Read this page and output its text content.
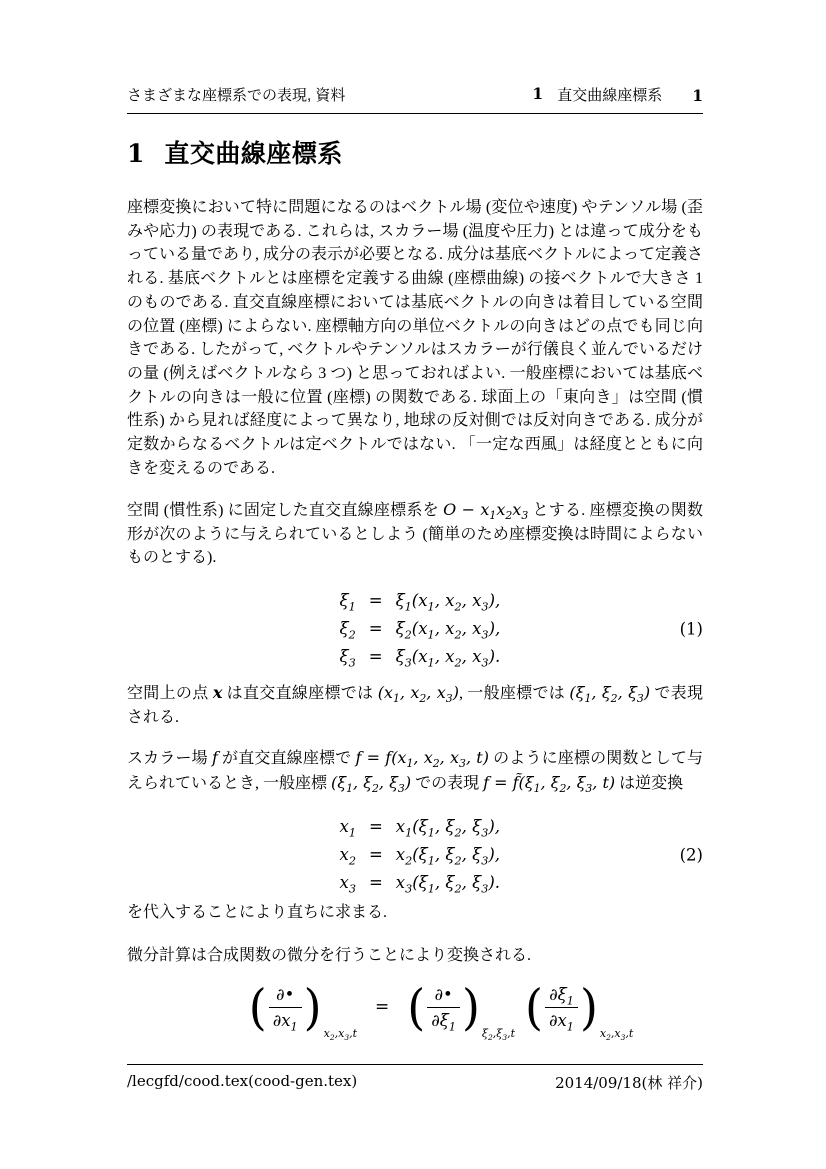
さまざまな座標系での表現, 資料	1 直交曲線座標系 1
1 直交曲線座標系
座標変換において特に問題になるのはベクトル場 (変位や速度) やテンソル場 (歪みや応力) の表現である. これらは, スカラー場 (温度や圧力) とは違って成分をもっている量であり, 成分の表示が必要となる. 成分は基底ベクトルによって定義される. 基底ベクトルとは座標を定義する曲線 (座標曲線) の接ベクトルで大きさ 1 のものである. 直交直線座標においては基底ベクトルの向きは着目している空間の位置 (座標) によらない. 座標軸方向の単位ベクトルの向きはどの点でも同じ向きである. したがって, ベクトルやテンソルはスカラーが行儀良く並んでいるだけの量 (例えばベクトルなら 3 つ) と思っておればよい. 一般座標においては基底ベクトルの向きは一般に位置 (座標) の関数である. 球面上の「東向き」は空間 (慣性系) から見れば経度によって異なり, 地球の反対側では反対向きである. 成分が定数からなるベクトルは定ベクトルではない. 「一定な西風」は経度とともに向きを変えるのである.
空間 (慣性系) に固定した直交直線座標系を $O - x_1x_2x_3$ とする. 座標変換の関数形が次のように与えられているとしよう (簡単のため座標変換は時間によらないものとする).
$\xi_1 = \xi_1(x_1$, $x_2$, $x_3$),
$\xi_2 = \xi_2(x_1$, $x_2$, $x_3$),
$\xi_3 = \xi_3(x_1$, $x_2$, $x_3$).
(1)
空間上の点 x は直交直線座標では ($x_1$, $x_2$, $x_3$), 一般座標では ($\xi_1$, $\xi_2$, $\xi_3$) で表現される.
スカラー場 f が直交直線座標で $f = f(x_1$, $x_2$, $x_3$, t) のように座標の関数として与えられているとき, 一般座標 ($\xi_1$, $\xi_2$, $\xi_3$) での表現 $f = f̃(\xi_1$, $\xi_2$, $\xi_3$, t) は逆変換
$x_1 = x_1(\xi_1$, $\xi_2$, $\xi_3$),
$x_2 = x_2(\xi_1$, $\xi_2$, $\xi_3$),
$x_3 = x_3(\xi_1$, $\xi_2$, $\xi_3$).
(2)
を代入することにより直ちに求まる.
微分計算は合成関数の微分を行うことにより変換される.
( $\frac{\partial•}{\partial x_1}$ ) $x_2,x_3,t$
= ( $\frac{\partial•}{\partial\xi_1}$ ) $\xi_2,\xi_3,t$ ( $\frac{\partial\xi_1}{\partial x_1}$ ) $x_2,x_3,t$
/lecgfd/cood.tex(cood-gen.tex)	2014/09/18(林 祥介)
